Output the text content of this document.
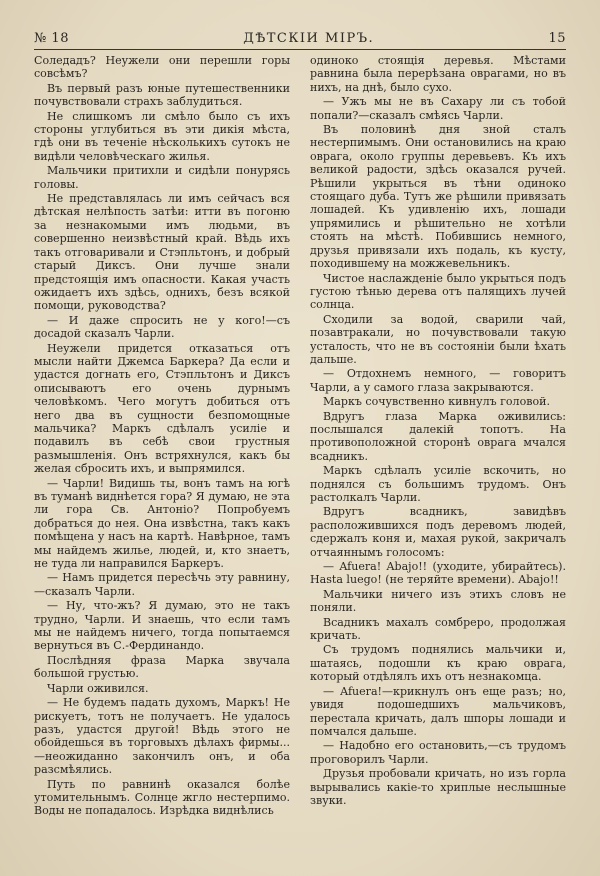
№ 18	ДѢТСКІИ МІРЪ.	15

Соледадъ? Неужели они перешли горы совсѣмъ?

Въ первый разъ юные путешественники почувствовали страхъ заблудиться.

Не слишкомъ ли смѣло было съ ихъ стороны углубиться въ эти дикія мѣста, гдѣ они въ теченіе нѣсколькихъ сутокъ не видѣли человѣческаго жилья.

Мальчики притихли и сидѣли понурясь головы.

Не представлялась ли имъ сейчасъ вся дѣтская нелѣпость затѣи: итти въ погоню за незнакомыми имъ людьми, въ совершенно неизвѣстный край. Вѣдь ихъ такъ отговаривали и Стэпльтонъ, и добрый старый Диксъ. Они лучше знали предстоящія имъ опасности. Какая участь ожидаетъ ихъ здѣсь, однихъ, безъ всякой помощи, руководства?

— И даже спросить не у кого!—съ досадой сказалъ Чарли.

Неужели придется отказаться отъ мысли найти Джемса Баркера? Да если и удастся догнать его, Стэпльтонъ и Диксъ описываютъ его очень дурнымъ человѣкомъ. Чего могутъ добиться отъ него два въ сущности безпомощные мальчика? Маркъ сдѣлалъ усиліе и подавилъ въ себѣ свои грустныя размышленія. Онъ встряхнулся, какъ бы желая сбросить ихъ, и выпрямился.

— Чарли! Видишь ты, вонъ тамъ на югѣ въ туманѣ виднѣется гора? Я думаю, не эта ли гора Св. Антоніо? Попробуемъ добраться до нея. Она извѣстна, такъ какъ помѣщена у насъ на картѣ. Навѣрное, тамъ мы найдемъ жилье, людей, и, кто знаетъ, не туда ли направился Баркеръ.

— Намъ придется пересѣчь эту равнину,—сказалъ Чарли.

— Ну, что-жъ? Я думаю, это не такъ трудно, Чарли. И знаешь, что если тамъ мы не найдемъ ничего, тогда попытаемся вернуться въ С.-Фердинандо.

Послѣдняя фраза Марка звучала большой грустью.

Чарли оживился.

— Не будемъ падать духомъ, Маркъ! Не рискуетъ, тотъ не получаетъ. Не удалось разъ, удастся другой! Вѣдь этого не обойдешься въ торговыхъ дѣлахъ фирмы...—неожиданно закончилъ онъ, и оба разсмѣялись.

Путь по равнинѣ оказался болѣе утомительнымъ. Солнце жгло нестерпимо. Воды не попадалось. Изрѣдка виднѣлись

одиноко стоящія деревья. Мѣстами равнина была перерѣзана оврагами, но въ нихъ, на днѣ, было сухо.

— Ужъ мы не въ Сахару ли съ тобой попали?—сказалъ смѣясь Чарли.

Въ половинѣ дня зной сталъ нестерпимымъ. Они остановились на краю оврага, около группы деревьевъ. Къ ихъ великой радости, здѣсь оказался ручей. Рѣшили укрыться въ тѣни одиноко стоящаго дуба. Тутъ же рѣшили привязать лошадей. Къ удивленію ихъ, лошади упрямились и рѣшительно не хотѣли стоять на мѣстѣ. Побившись немного, друзья привязали ихъ подаль, къ кусту, походившему на можжевельникъ.

Чистое наслажденіе было укрыться подъ густою тѣнью дерева отъ палящихъ лучей солнца.

Сходили за водой, сварили чай, позавтракали, но почувствовали такую усталость, что не въ состояніи были ѣхать дальше.

— Отдохнемъ немного, — говоритъ Чарли, а у самого глаза закрываются.

Маркъ сочувственно кивнулъ головой.

Вдругъ глаза Марка оживились: послышался далекій топотъ. На противоположной сторонѣ оврага мчался всадникъ.

Маркъ сдѣлалъ усиліе вскочить, но поднялся съ большимъ трудомъ. Онъ растолкалъ Чарли.

Вдругъ всадникъ, завидѣвъ расположившихся подъ деревомъ людей, сдержалъ коня и, махая рукой, закричалъ отчаяннымъ голосомъ:

— Afuera! Abajo!! (уходите, убирайтесь). Hasta luego! (не теряйте времени). Abajo!!

Мальчики ничего изъ этихъ словъ не поняли.

Всадникъ махалъ сомбреро, продолжая кричать.

Съ трудомъ поднялись мальчики и, шатаясь, подошли къ краю оврага, который отдѣлялъ ихъ отъ незнакомца.

— Afuera!—крикнулъ онъ еще разъ; но, увидя подошедшихъ мальчиковъ, перестала кричать, далъ шпоры лошади и помчался дальше.

— Надобно его остановить,—съ трудомъ проговорилъ Чарли.

Друзья пробовали кричать, но изъ горла вырывались какіе-то хриплые неслышные звуки.
